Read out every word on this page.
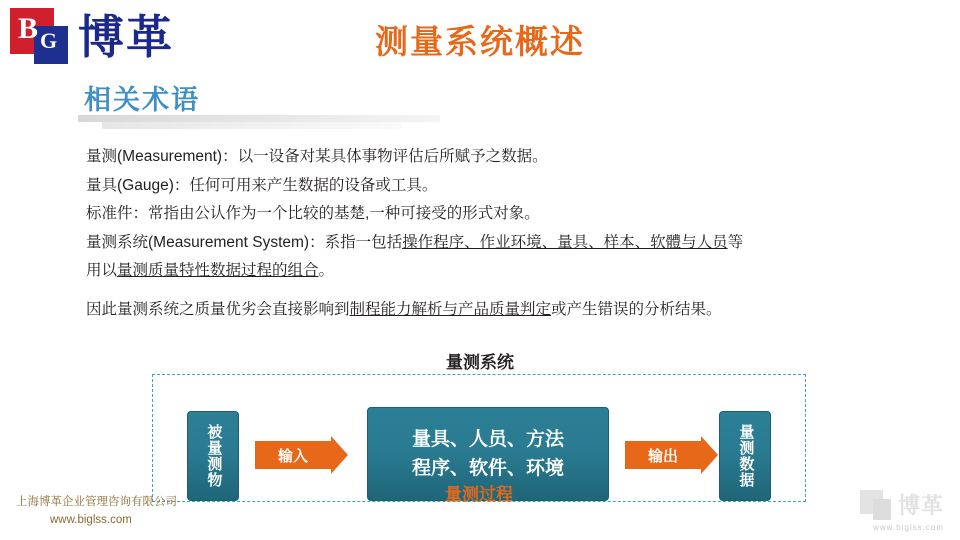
B G 博革	测量系统概述
相关术语

量测(Measurement)：以一设备对某具体事物评估后所赋予之数据。

量具(Gauge)：任何可用来产生数据的设备或工具。

标准件：常指由公认作为一个比较的基楚,一种可接受的形式对象。

量测系统(Measurement System)：系指一包括操作程序、作业环境、量具、样本、软體与人员等

用以量测质量特性数据过程的组合。

因此量测系统之质量优劣会直接影响到制程能力解析与产品质量判定或产生错误的分析结果。

量测系统
被量测物	输入
量具、人员、方法
程序、软件、环境
输出	量测数据
量测过程
上海博革企业管理咨询有限公司
www.biglss.com
博革
www.biglss.com
